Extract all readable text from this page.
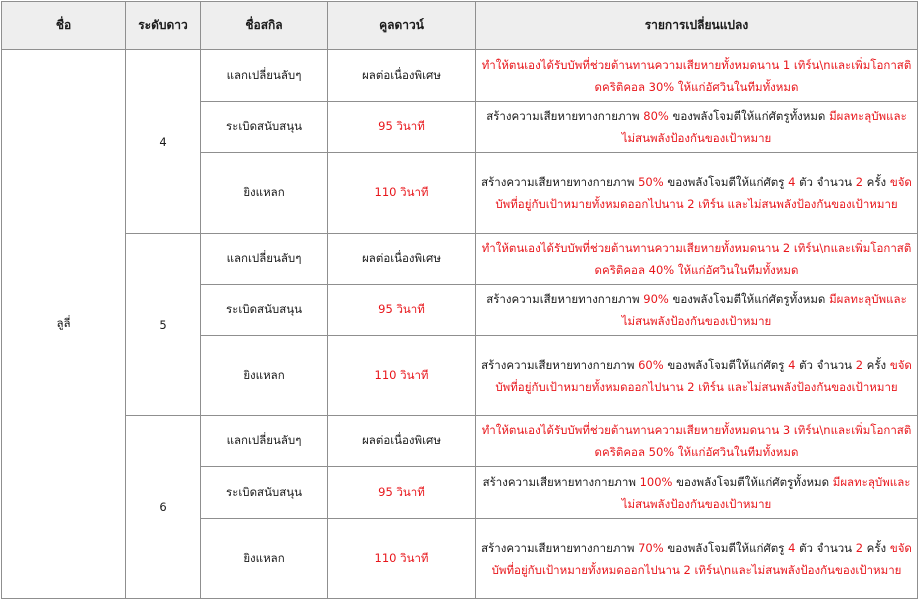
ชื่อ	ระดับดาว	ชื่อสกิล	คูลดาวน์	รายการเปลี่ยนแปลง
ลูลี่	4	แลกเปลี่ยนลับๆ	ผลต่อเนื่องพิเศษ	ทำให้ตนเองได้รับบัพที่ช่วยต้านทานความเสียหายทั้งหมดนาน 1 เทิร์น\nและเพิ่มโอกาสติดคริติคอล 30% ให้แก่อัศวินในทีมทั้งหมด
		ระเบิดสนับสนุน	95 วินาที	สร้างความเสียหายทางกายภาพ 80% ของพลังโจมตีให้แก่ศัตรูทั้งหมด มีผลทะลุบัพและไม่สนพลังป้องกันของเป้าหมาย
		ยิงแหลก	110 วินาที	สร้างความเสียหายทางกายภาพ 50% ของพลังโจมตีให้แก่ศัตรู 4 ตัว จำนวน 2 ครั้ง ขจัดบัพที่อยู่กับเป้าหมายทั้งหมดออกไปนาน 2 เทิร์น และไม่สนพลังป้องกันของเป้าหมาย
	5	แลกเปลี่ยนลับๆ	ผลต่อเนื่องพิเศษ	ทำให้ตนเองได้รับบัพที่ช่วยต้านทานความเสียหายทั้งหมดนาน 2 เทิร์น\nและเพิ่มโอกาสติดคริติคอล 40% ให้แก่อัศวินในทีมทั้งหมด
		ระเบิดสนับสนุน	95 วินาที	สร้างความเสียหายทางกายภาพ 90% ของพลังโจมตีให้แก่ศัตรูทั้งหมด มีผลทะลุบัพและไม่สนพลังป้องกันของเป้าหมาย
		ยิงแหลก	110 วินาที	สร้างความเสียหายทางกายภาพ 60% ของพลังโจมตีให้แก่ศัตรู 4 ตัว จำนวน 2 ครั้ง ขจัดบัพที่อยู่กับเป้าหมายทั้งหมดออกไปนาน 2 เทิร์น และไม่สนพลังป้องกันของเป้าหมาย
	6	แลกเปลี่ยนลับๆ	ผลต่อเนื่องพิเศษ	ทำให้ตนเองได้รับบัพที่ช่วยต้านทานความเสียหายทั้งหมดนาน 3 เทิร์น\nและเพิ่มโอกาสติดคริติคอล 50% ให้แก่อัศวินในทีมทั้งหมด
		ระเบิดสนับสนุน	95 วินาที	สร้างความเสียหายทางกายภาพ 100% ของพลังโจมตีให้แก่ศัตรูทั้งหมด มีผลทะลุบัพและไม่สนพลังป้องกันของเป้าหมาย
		ยิงแหลก	110 วินาที	สร้างความเสียหายทางกายภาพ 70% ของพลังโจมตีให้แก่ศัตรู 4 ตัว จำนวน 2 ครั้ง ขจัดบัพที่อยู่กับเป้าหมายทั้งหมดออกไปนาน 2 เทิร์น\nและไม่สนพลังป้องกันของเป้าหมาย
